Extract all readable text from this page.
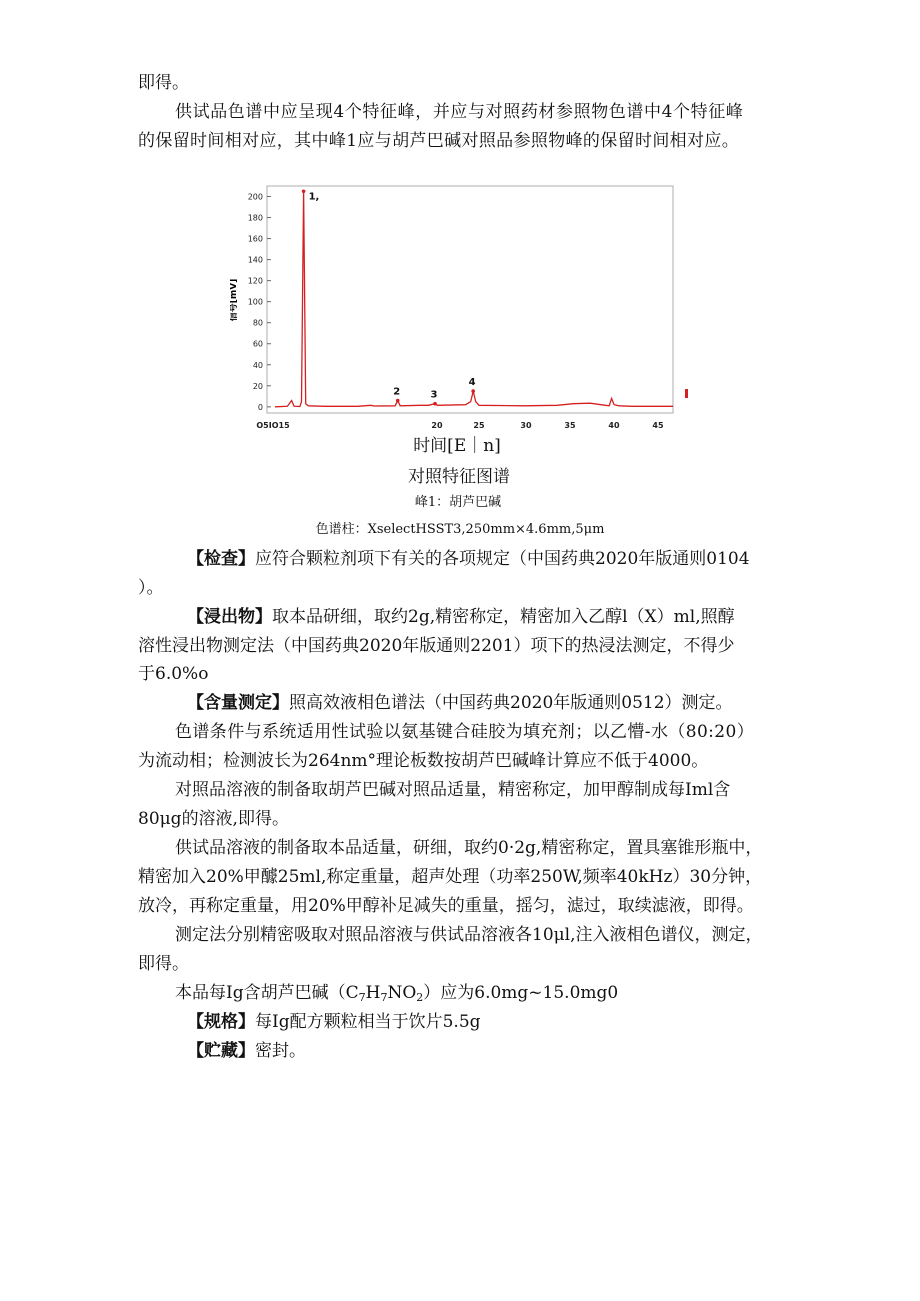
即得。
供试品色谱中应呈现4个特征峰，并应与对照药材参照物色谱中4个特征峰
的保留时间相对应，其中峰1应与胡芦巴碱对照品参照物峰的保留时间相对应。
0
20
40
60
80
100
120
140
160
180
200
O5IO15	20	25	30	35	40	45
1,
2	3
4
信号[mV]
时间[E｜n]
对照特征图谱
峰1：胡芦巴碱
色谱柱：XselectHSST3,250mm×4.6mm,5μm
【检查】应符合颗粒剂项下有关的各项规定（中国药典2020年版通则0104
）。
【浸出物】取本品研细，取约2g,精密称定，精密加入乙醇l（X）ml,照醇
溶性浸出物测定法（中国药典2020年版通则2201）项下的热浸法测定，不得少
于6.0%o
【含量测定】照高效液相色谱法（中国药典2020年版通则0512）测定。
色谱条件与系统适用性试验以氨基键合硅胶为填充剂；以乙懵-水（80:20）
为流动相；检测波长为264nm°理论板数按胡芦巴碱峰计算应不低于4000。
对照品溶液的制备取胡芦巴碱对照品适量，精密称定，加甲醇制成每Iml含
80μg的溶液,即得。
供试品溶液的制备取本品适量，研细，取约0·2g,精密称定，置具塞锥形瓶中，
精密加入20%甲醵25ml,称定重量，超声处理（功率250W,频率40kHz）30分钟，
放冷，再称定重量，用20%甲醇补足减失的重量，摇匀，滤过，取续滤液，即得。
测定法分别精密吸取对照品溶液与供试品溶液各10μl,注入液相色谱仪，测定，
即得。
本品每Ig含胡芦巴碱$(C_7H_7NO_2)$应为6.0mg~15.0mg0
【规格】每Ig配方颗粒相当于饮片5.5g
【贮藏】密封。
